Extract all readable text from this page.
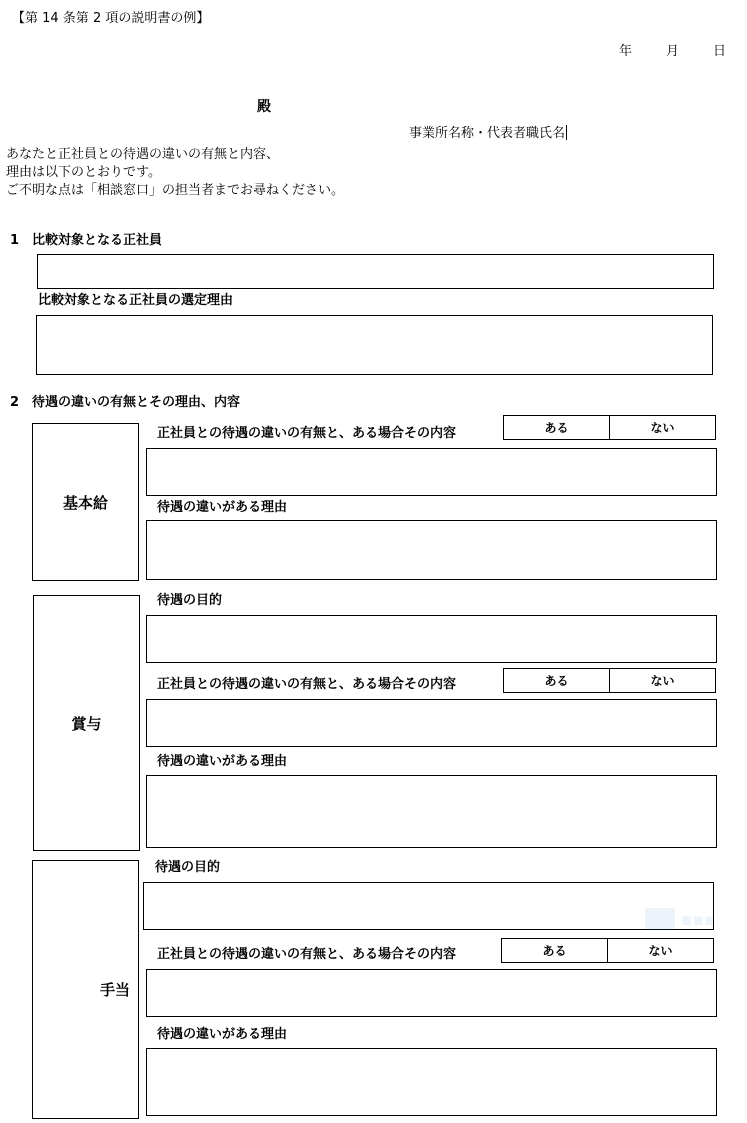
【第 14 条第 2 項の説明書の例】
年	月	日
殿
事業所名称・代表者職氏名
あなたと正社員との待遇の違いの有無と内容、
理由は以下のとおりです。
ご不明な点は「相談窓口」の担当者までお尋ねください。
1　比較対象となる正社員
比較対象となる正社員の選定理由
2　待遇の違いの有無とその理由、内容
基本給
正社員との待遇の違いの有無と、ある場合その内容	ある	ない
待遇の違いがある理由
賞与
待遇の目的
正社員との待遇の違いの有無と、ある場合その内容	ある	ない
待遇の違いがある理由
手当
待遇の目的
正社員との待遇の違いの有無と、ある場合その内容	ある	ない
待遇の違いがある理由
▪▪▪
